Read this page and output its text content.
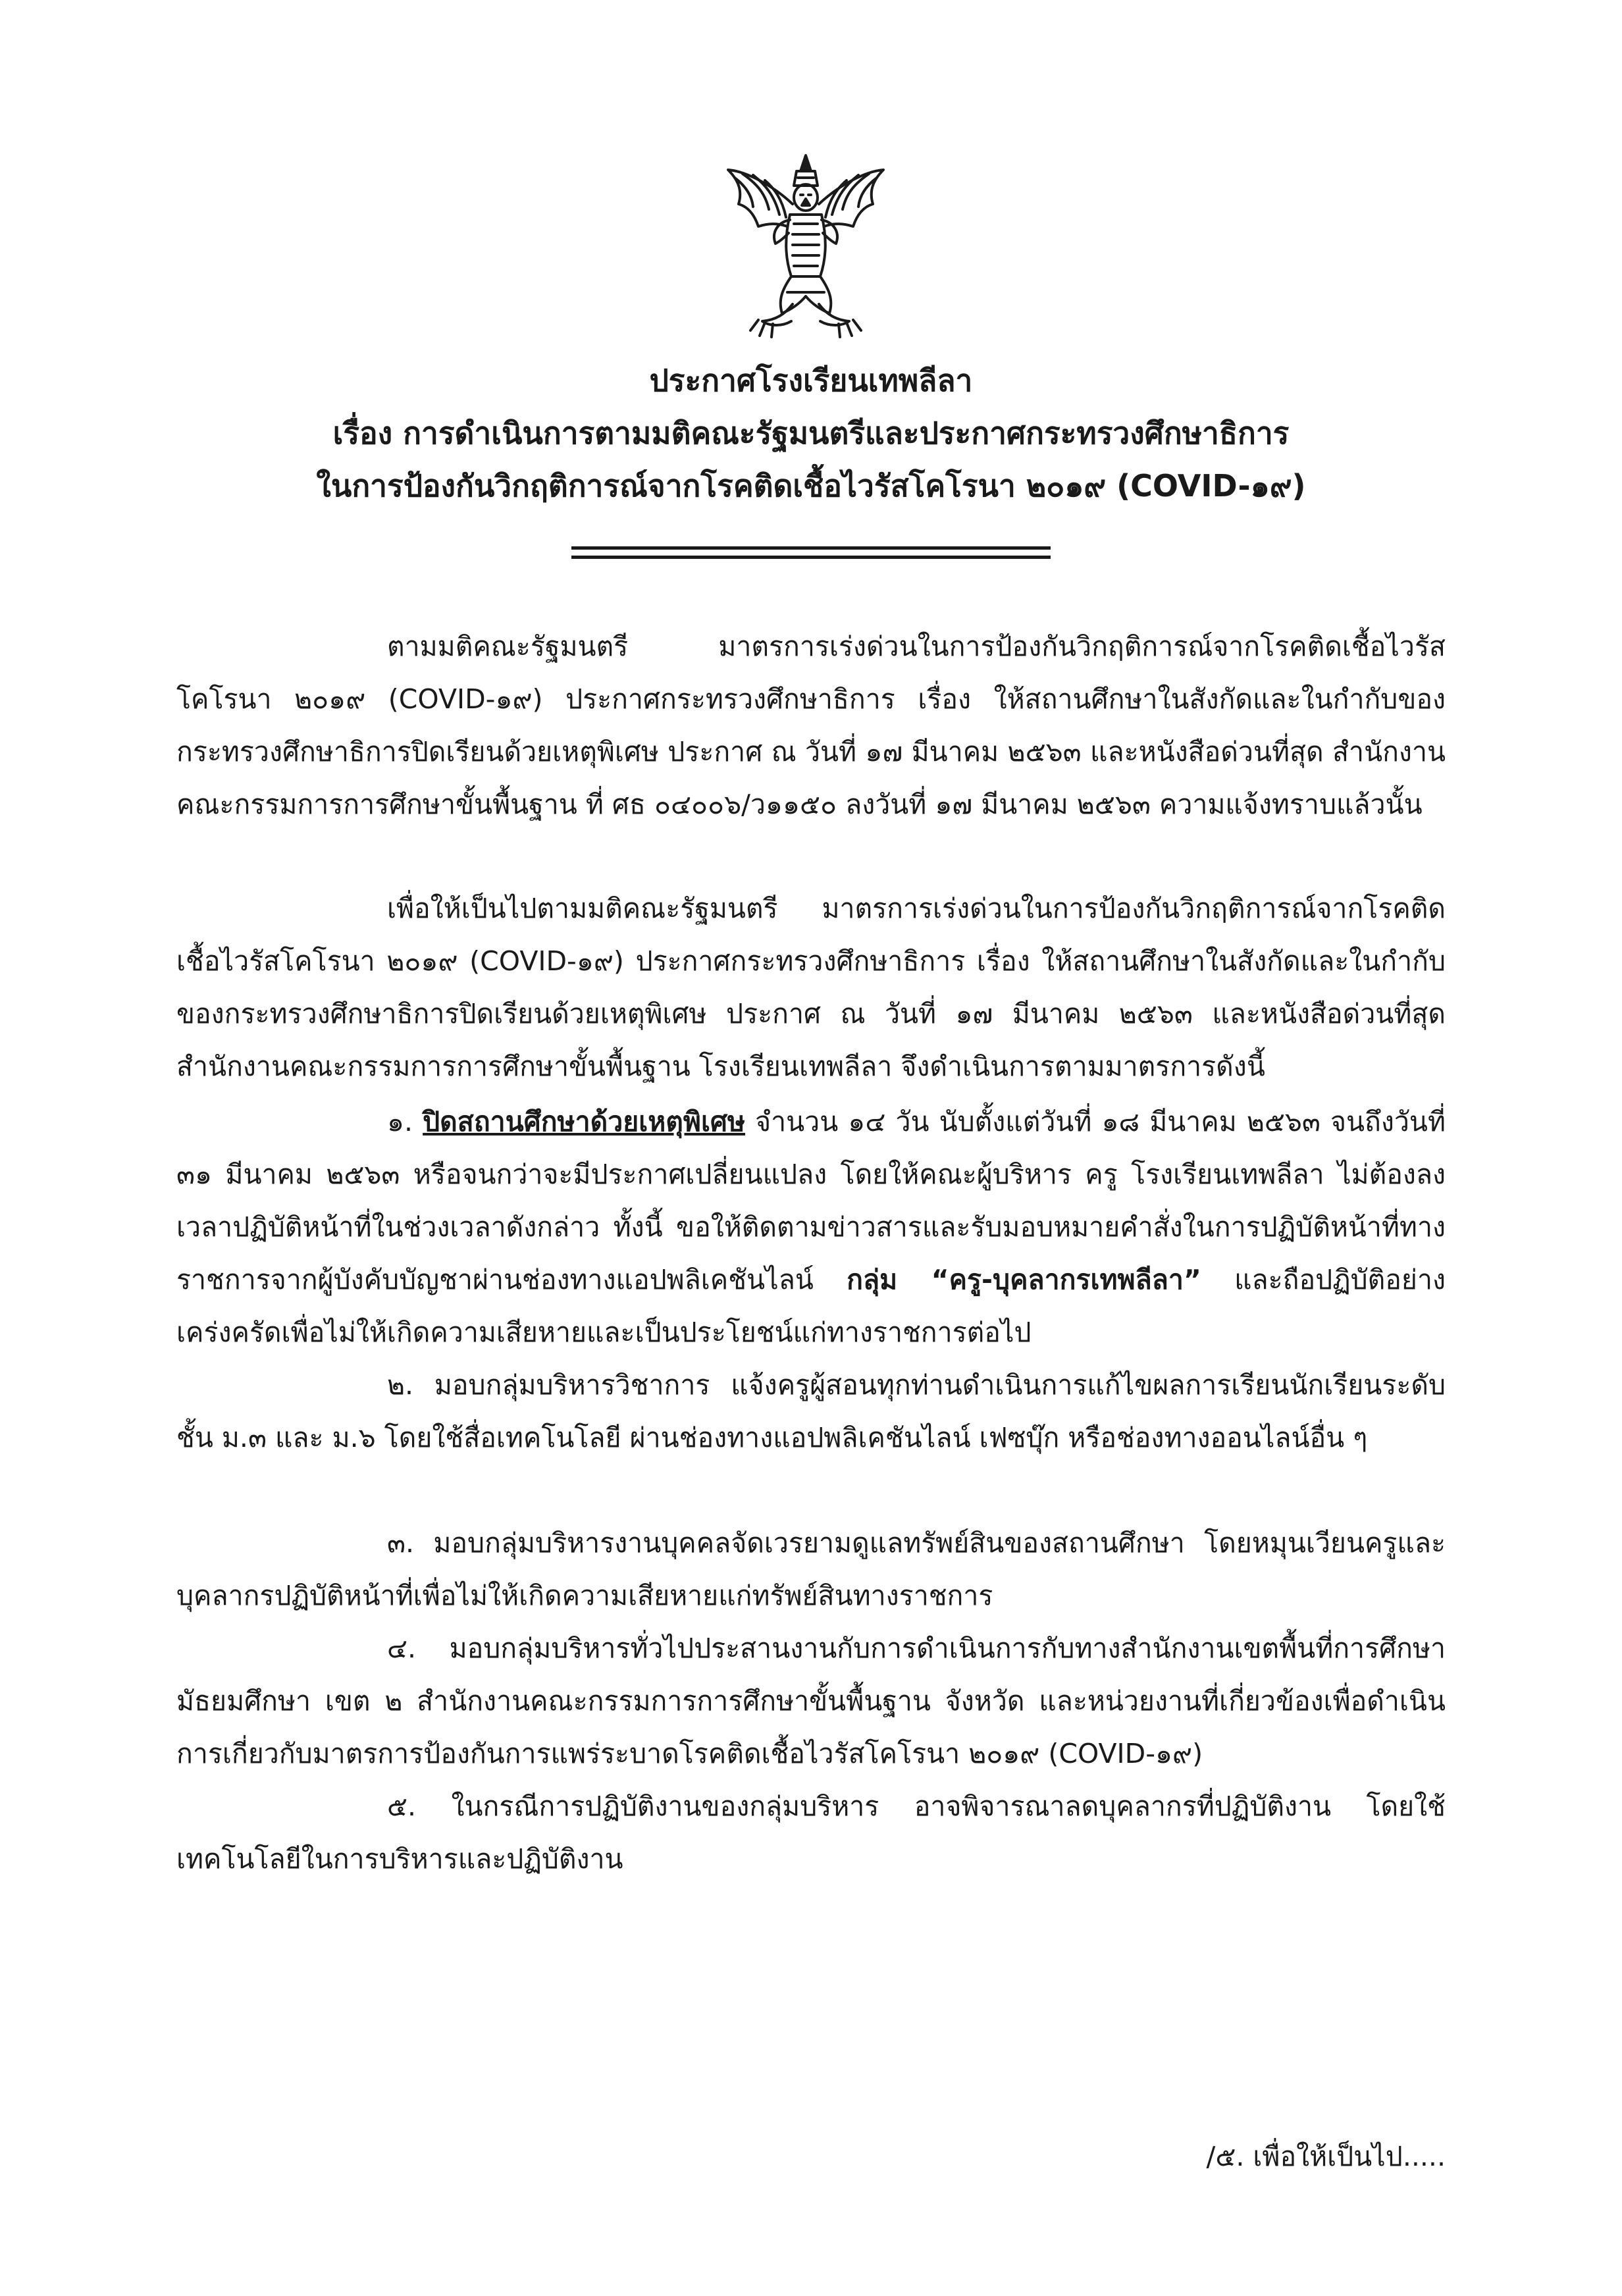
ประกาศโรงเรียนเทพลีลา
เรื่อง การดำเนินการตามมติคณะรัฐมนตรีและประกาศกระทรวงศึกษาธิการ
ในการป้องกันวิกฤติการณ์จากโรคติดเชื้อไวรัสโคโรนา ๒๐๑๙ (COVID-๑๙)

ตามมติคณะรัฐมนตรี มาตรการเร่งด่วนในการป้องกันวิกฤติการณ์จากโรคติดเชื้อไวรัสโคโรนา ๒๐๑๙ (COVID-๑๙) ประกาศกระทรวงศึกษาธิการ เรื่อง ให้สถานศึกษาในสังกัดและในกำกับของกระทรวงศึกษาธิการปิดเรียนด้วยเหตุพิเศษ ประกาศ ณ วันที่ ๑๗ มีนาคม ๒๕๖๓ และหนังสือด่วนที่สุด สำนักงานคณะกรรมการการศึกษาขั้นพื้นฐาน ที่ ศธ ๐๔๐๐๖/ว๑๑๕๐ ลงวันที่ ๑๗ มีนาคม ๒๕๖๓ ความแจ้งทราบแล้วนั้น

เพื่อให้เป็นไปตามมติคณะรัฐมนตรี มาตรการเร่งด่วนในการป้องกันวิกฤติการณ์จากโรคติดเชื้อไวรัสโคโรนา ๒๐๑๙ (COVID-๑๙) ประกาศกระทรวงศึกษาธิการ เรื่อง ให้สถานศึกษาในสังกัดและในกำกับของกระทรวงศึกษาธิการปิดเรียนด้วยเหตุพิเศษ ประกาศ ณ วันที่ ๑๗ มีนาคม ๒๕๖๓ และหนังสือด่วนที่สุด สำนักงานคณะกรรมการการศึกษาขั้นพื้นฐาน โรงเรียนเทพลีลา จึงดำเนินการตามมาตรการดังนี้

๑. ปิดสถานศึกษาด้วยเหตุพิเศษ จำนวน ๑๔ วัน นับตั้งแต่วันที่ ๑๘ มีนาคม ๒๕๖๓ จนถึงวันที่ ๓๑ มีนาคม ๒๕๖๓ หรือจนกว่าจะมีประกาศเปลี่ยนแปลง โดยให้คณะผู้บริหาร ครู โรงเรียนเทพลีลา ไม่ต้องลงเวลาปฏิบัติหน้าที่ในช่วงเวลาดังกล่าว ทั้งนี้ ขอให้ติดตามข่าวสารและรับมอบหมายคำสั่งในการปฏิบัติหน้าที่ทางราชการจากผู้บังคับบัญชาผ่านช่องทางแอปพลิเคชันไลน์ กลุ่ม “ครู-บุคลากรเทพลีลา” และถือปฏิบัติอย่างเคร่งครัดเพื่อไม่ให้เกิดความเสียหายและเป็นประโยชน์แก่ทางราชการต่อไป

๒. มอบกลุ่มบริหารวิชาการ แจ้งครูผู้สอนทุกท่านดำเนินการแก้ไขผลการเรียนนักเรียนระดับชั้น ม.๓ และ ม.๖ โดยใช้สื่อเทคโนโลยี ผ่านช่องทางแอปพลิเคชันไลน์ เฟซบุ๊ก หรือช่องทางออนไลน์อื่น ๆ

๓. มอบกลุ่มบริหารงานบุคคลจัดเวรยามดูแลทรัพย์สินของสถานศึกษา โดยหมุนเวียนครูและบุคลากรปฏิบัติหน้าที่เพื่อไม่ให้เกิดความเสียหายแก่ทรัพย์สินทางราชการ

๔. มอบกลุ่มบริหารทั่วไปประสานงานกับการดำเนินการกับทางสำนักงานเขตพื้นที่การศึกษามัธยมศึกษา เขต ๒ สำนักงานคณะกรรมการการศึกษาขั้นพื้นฐาน จังหวัด และหน่วยงานที่เกี่ยวข้องเพื่อดำเนินการเกี่ยวกับมาตรการป้องกันการแพร่ระบาดโรคติดเชื้อไวรัสโคโรนา ๒๐๑๙ (COVID-๑๙)

๕. ในกรณีการปฏิบัติงานของกลุ่มบริหาร อาจพิจารณาลดบุคลากรที่ปฏิบัติงาน โดยใช้เทคโนโลยีในการบริหารและปฏิบัติงาน

/๕. เพื่อให้เป็นไป.....
